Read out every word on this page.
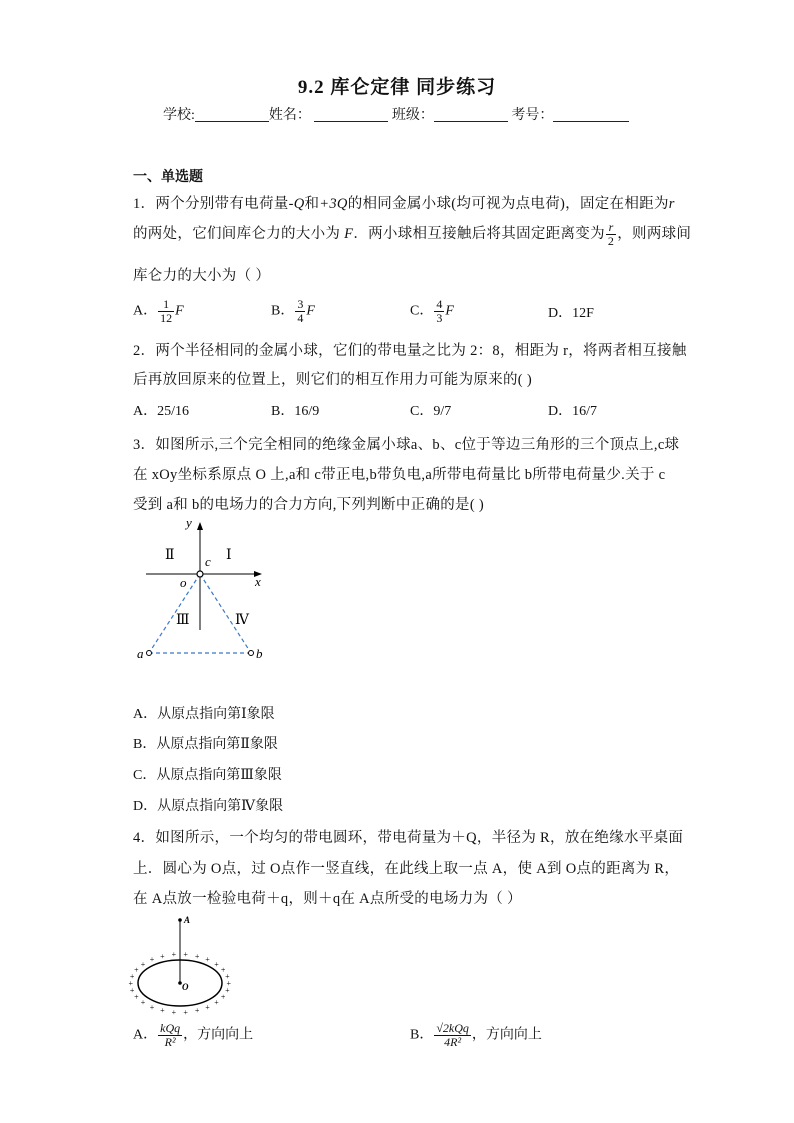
9.2 库仑定律 同步练习
学校:	姓名：	班级：	考号：
一、单选题
1．两个分别带有电荷量-Q和+3Q的相同金属小球(均可视为点电荷)，固定在相距为r
的两处，它们间库仑力的大小为 F．两小球相互接触后将其固定距离变为 $\frac{r}{2}$ ，则两球间
库仑力的大小为（ ）
A． $\frac{1}{12}$ F	B． $\frac{3}{4}$ F	C． $\frac{4}{3}$ F	D．12F
2．两个半径相同的金属小球，它们的带电量之比为 2：8，相距为 r，将两者相互接触
后再放回原来的位置上，则它们的相互作用力可能为原来的( )
A．25/16	B．16/9	C．9/7	D．16/7
3．如图所示,三个完全相同的绝缘金属小球a、b、c位于等边三角形的三个顶点上,c球
在 xOy坐标系原点 O 上,a和 c带正电,b带负电,a所带电荷量比 b所带电荷量少.关于 c
受到 a和 b的电场力的合力方向,下列判断中正确的是( )
y
x
o
c
a	b
Ⅰ
Ⅱ
Ⅲ	Ⅳ
A．从原点指向第Ⅰ象限
B．从原点指向第Ⅱ象限
C．从原点指向第Ⅲ象限
D．从原点指向第Ⅳ象限
4．如图所示，一个均匀的带电圆环，带电荷量为＋Q，半径为 R，放在绝缘水平桌面
上．圆心为 O点，过 O点作一竖直线，在此线上取一点 A，使 A到 O点的距离为 R，
在 A点放一检验电荷＋q，则＋q在 A点所受的电场力为（ ）
A
O	+
+
+
+
+
+
+
+
+
+
+
+
+
+
+
+
+
+ + + + + +
+
+
+
A． $\frac{\text{kQq}}{\text{R²}}$ ，方向向上	B． $\frac{\text{√2kQq}}{\text{4R²}}$ ，方向向上
